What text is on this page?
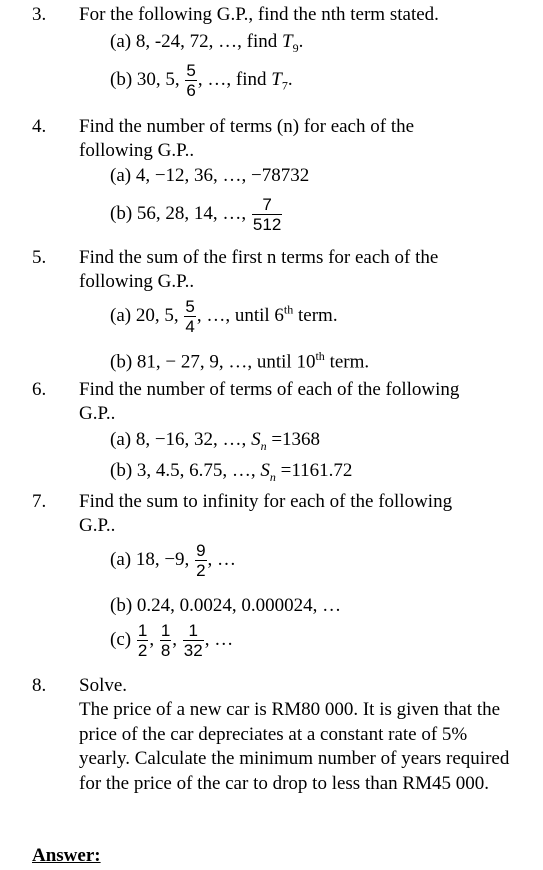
3. For the following G.P., find the nth term stated.
(a) 8, -24, 72, …, find $T_9$.
(b) 30, 5, $\frac{5}{6}$ , …, find $T_7$.
4. Find the number of terms (n) for each of the
following G.P..
(a) 4, −12, 36, …, −78732
(b) 56, 28, 14, …, $\frac{7}{512}$
5. Find the sum of the first n terms for each of the
following G.P..
(a) 20, 5, $\frac{5}{4}$ , …, until 6th term.
(b) 81, − 27, 9, …, until 10th term.
6. Find the number of terms of each of the following
G.P..
(a) 8, −16, 32, …, $S_n =1368$
(b) 3, 4.5, 6.75, …, $S_n =1161.72$
7. Find the sum to infinity for each of the following
G.P..
(a) 18, −9, $\frac{9}{2}$ , …
(b) 0.24, 0.0024, 0.000024, …
$(c) \frac{1}{2}$ , $\frac{1}{8}$ , $\frac{1}{32}$ , …
8. Solve.
The price of a new car is RM80 000. It is given that the price of the car depreciates at a constant rate of 5% yearly. Calculate the minimum number of years required for the price of the car to drop to less than RM45 000.
Answer:
